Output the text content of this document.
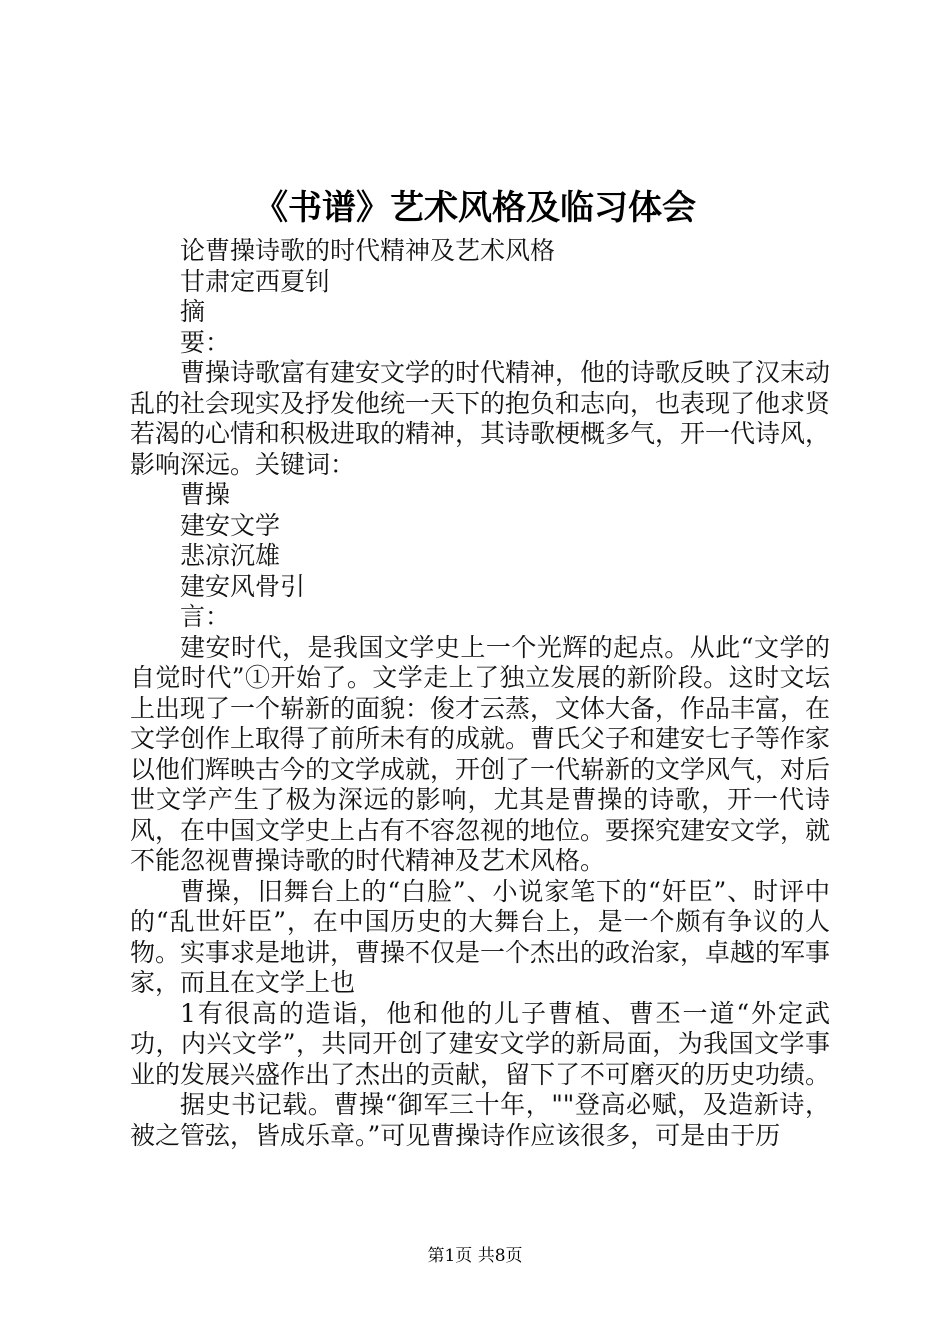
《书谱》艺术风格及临习体会

论曹操诗歌的时代精神及艺术风格

甘肃定西夏钊

摘

要：

曹操诗歌富有建安文学的时代精神，他的诗歌反映了汉末动乱的社会现实及抒发他统一天下的抱负和志向，也表现了他求贤若渴的心情和积极进取的精神，其诗歌梗概多气，开一代诗风，影响深远。关键词：

曹操

建安文学

悲凉沉雄

建安风骨引

言：

建安时代，是我国文学史上一个光辉的起点。从此“文学的自觉时代”①开始了。文学走上了独立发展的新阶段。这时文坛上出现了一个崭新的面貌：俊才云蒸，文体大备，作品丰富，在文学创作上取得了前所未有的成就。曹氏父子和建安七子等作家以他们辉映古今的文学成就，开创了一代崭新的文学风气，对后世文学产生了极为深远的影响，尤其是曹操的诗歌，开一代诗风，在中国文学史上占有不容忽视的地位。要探究建安文学，就不能忽视曹操诗歌的时代精神及艺术风格。

曹操，旧舞台上的“白脸”、小说家笔下的“奸臣”、时评中的“乱世奸臣”，在中国历史的大舞台上，是一个颇有争议的人物。实事求是地讲，曹操不仅是一个杰出的政治家，卓越的军事家，而且在文学上也

1有很高的造诣，他和他的儿子曹植、曹丕一道“外定武功，内兴文学”，共同开创了建安文学的新局面，为我国文学事业的发展兴盛作出了杰出的贡献，留下了不可磨灭的历史功绩。

据史书记载。曹操“御军三十年，""登高必赋，及造新诗，被之管弦，皆成乐章。”可见曹操诗作应该很多，可是由于历

第1页 共8页
